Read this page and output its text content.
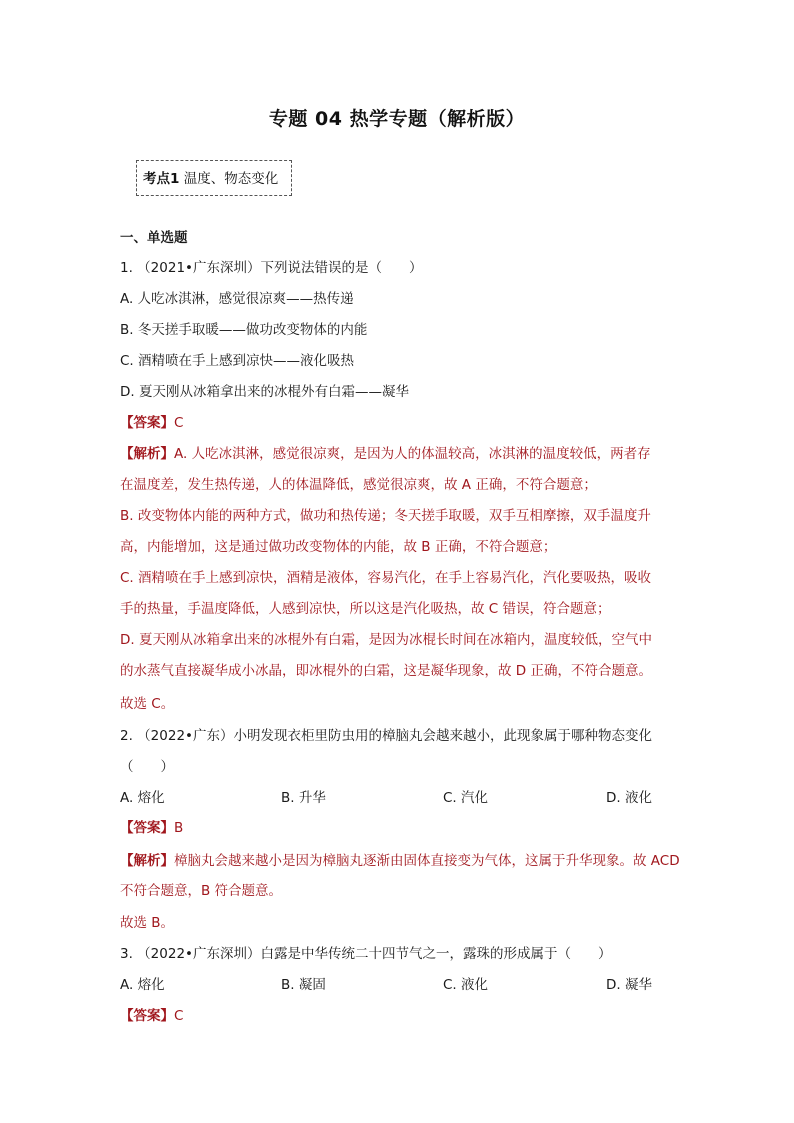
专题 04 热学专题（解析版）
考点1 温度、物态变化
一、单选题
1. （2021•广东深圳）下列说法错误的是（　　）
A. 人吃冰淇淋，感觉很凉爽——热传递
B. 冬天搓手取暖——做功改变物体的内能
C. 酒精喷在手上感到凉快——液化吸热
D. 夏天刚从冰箱拿出来的冰棍外有白霜——凝华
【答案】C
【解析】A. 人吃冰淇淋，感觉很凉爽，是因为人的体温较高，冰淇淋的温度较低，两者存
在温度差，发生热传递，人的体温降低，感觉很凉爽，故 A 正确，不符合题意；
B. 改变物体内能的两种方式，做功和热传递；冬天搓手取暖，双手互相摩擦，双手温度升
高，内能增加，这是通过做功改变物体的内能，故 B 正确，不符合题意；
C. 酒精喷在手上感到凉快，酒精是液体，容易汽化，在手上容易汽化，汽化要吸热，吸收
手的热量，手温度降低，人感到凉快，所以这是汽化吸热，故 C 错误，符合题意；
D. 夏天刚从冰箱拿出来的冰棍外有白霜，是因为冰棍长时间在冰箱内，温度较低，空气中
的水蒸气直接凝华成小冰晶，即冰棍外的白霜，这是凝华现象，故 D 正确，不符合题意。
故选 C。
2. （2022•广东）小明发现衣柜里防虫用的樟脑丸会越来越小，此现象属于哪种物态变化
（　　）
A. 熔化	B. 升华	C. 汽化	D. 液化
【答案】B
【解析】樟脑丸会越来越小是因为樟脑丸逐渐由固体直接变为气体，这属于升华现象。故 ACD
不符合题意，B 符合题意。
故选 B。
3. （2022•广东深圳）白露是中华传统二十四节气之一，露珠的形成属于（　　）
A. 熔化	B. 凝固	C. 液化	D. 凝华
【答案】C
